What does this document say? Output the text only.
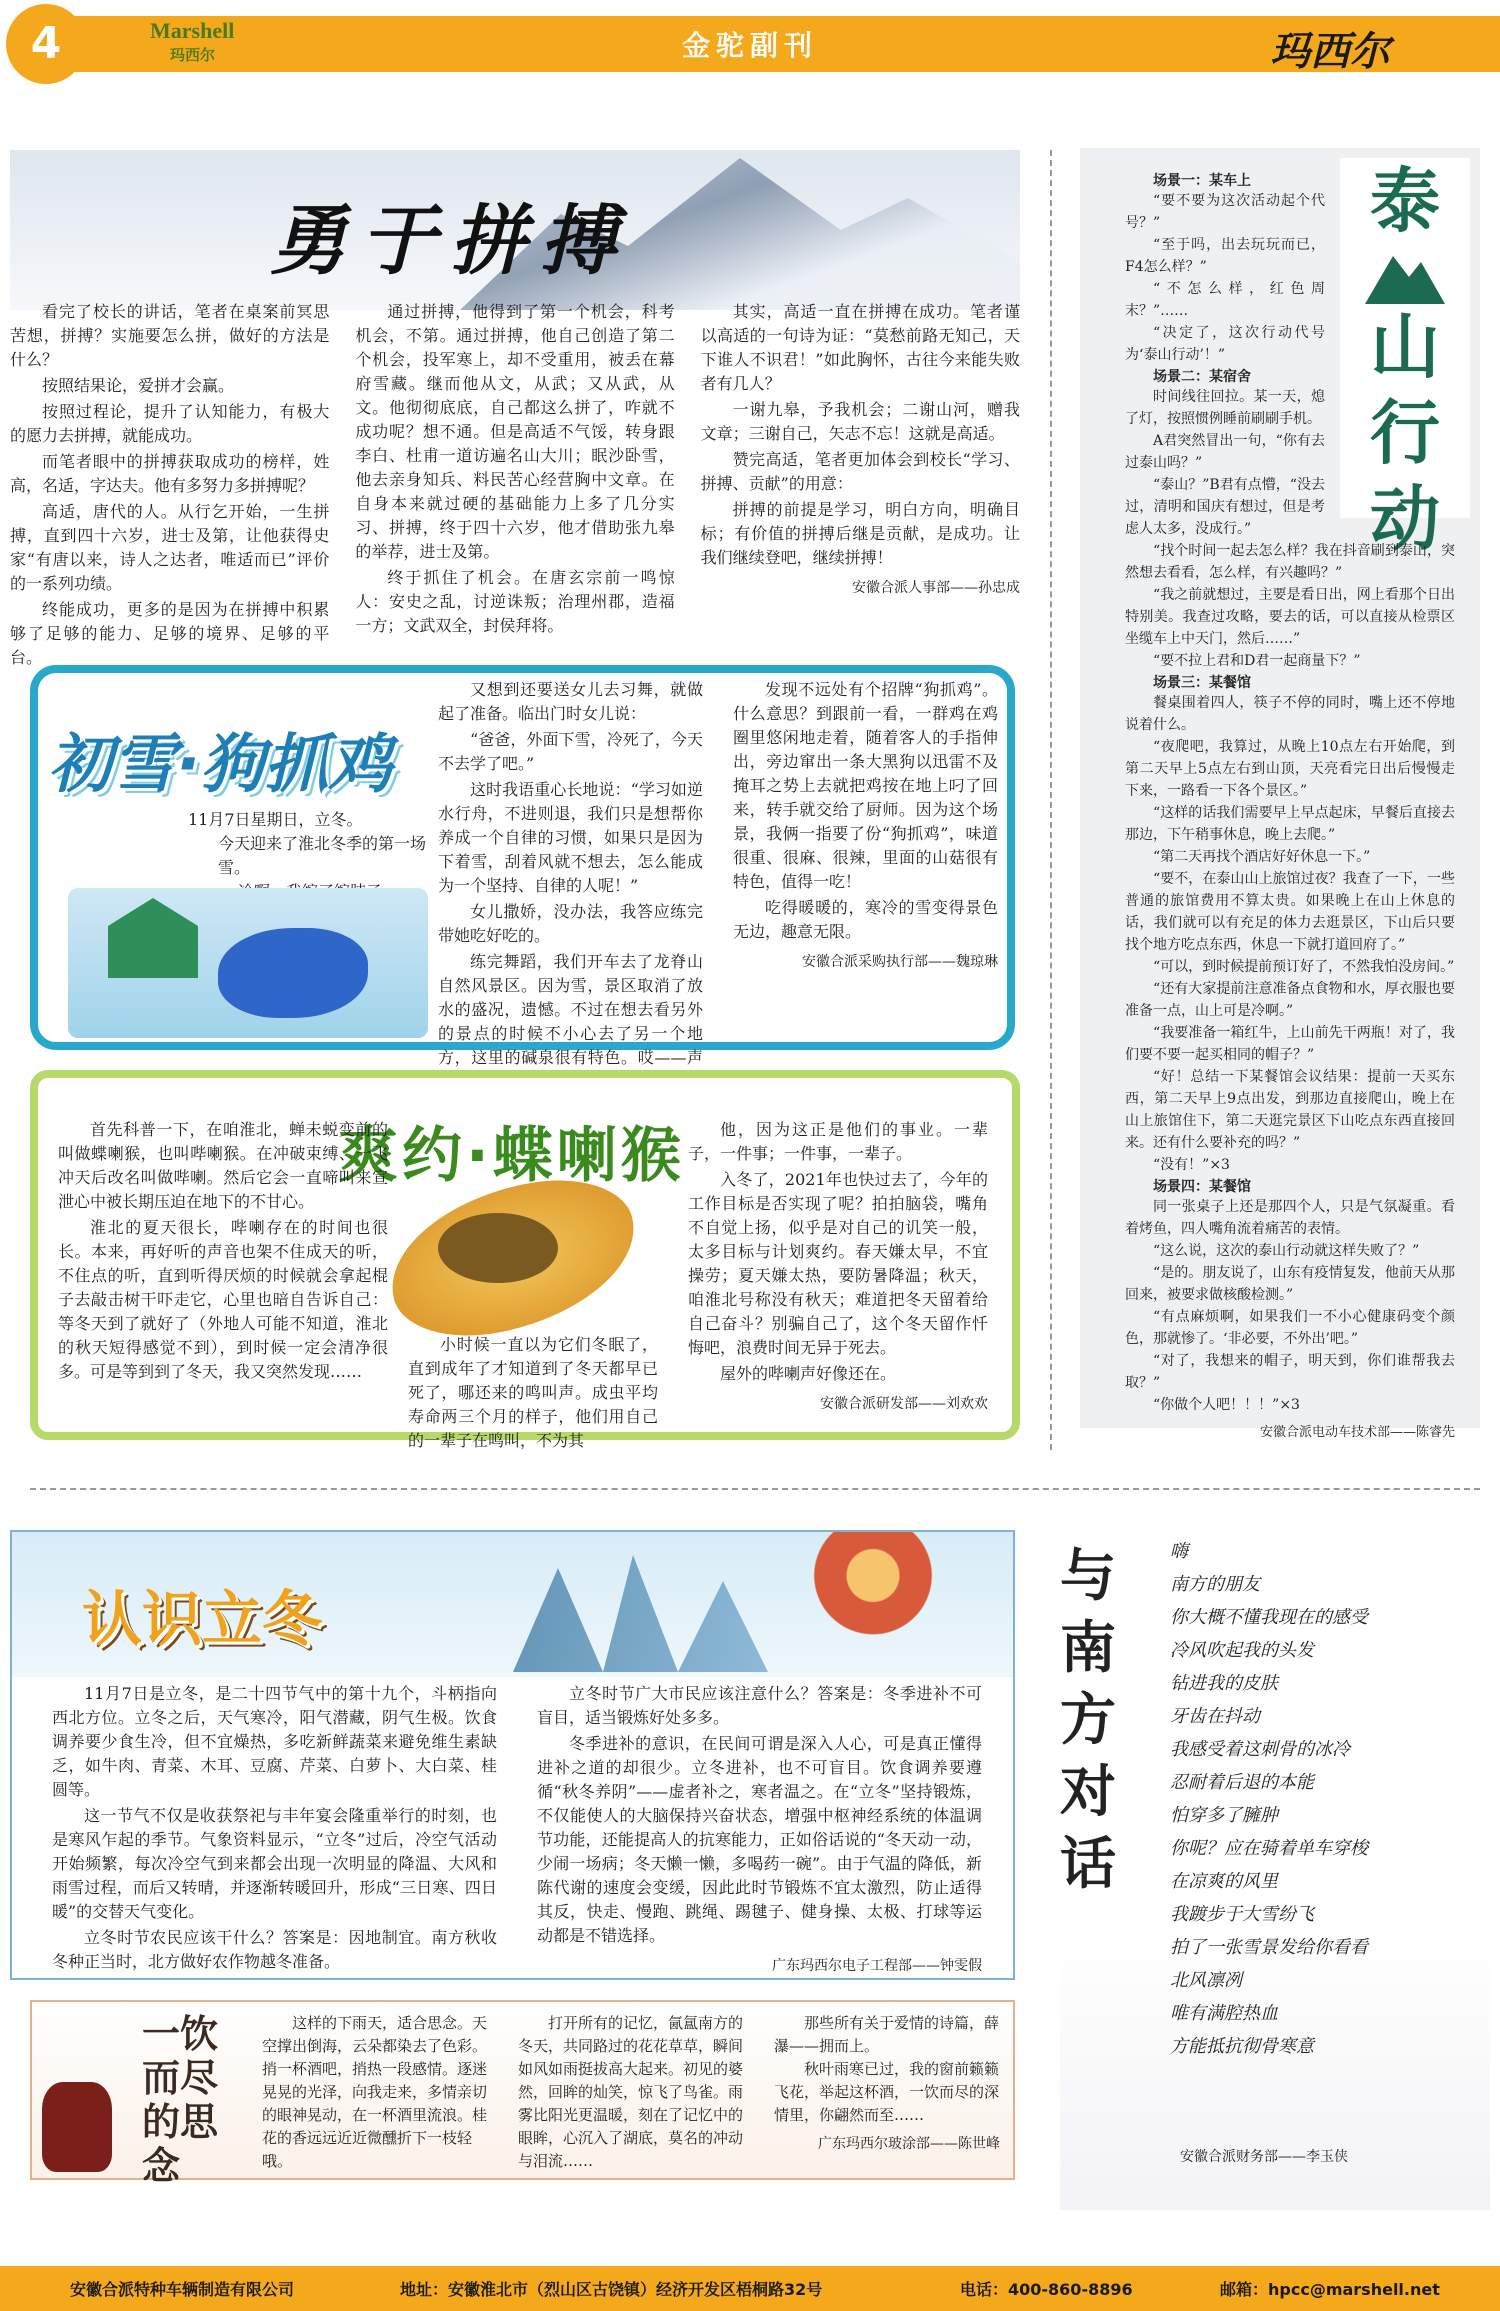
4	Marshell
玛西尔	金驼副刊	玛西尔
勇于拼搏

看完了校长的讲话，笔者在桌案前冥思苦想，拼搏？实施要怎么拼，做好的方法是什么？

按照结果论，爱拼才会赢。

按照过程论，提升了认知能力，有极大的愿力去拼搏，就能成功。

而笔者眼中的拼搏获取成功的榜样，姓高，名适，字达夫。他有多努力多拼搏呢？

高适，唐代的人。从行乞开始，一生拼搏，直到四十六岁，进士及第，让他获得史家“有唐以来，诗人之达者，唯适而已”评价的一系列功绩。

终能成功，更多的是因为在拼搏中积累够了足够的能力、足够的境界、足够的平台。

通过拼搏，他得到了第一个机会，科考机会，不第。通过拼搏，他自己创造了第二个机会，投军寒上，却不受重用，被丢在幕府雪藏。继而他从文，从武；又从武，从文。他彻彻底底，自己都这么拼了，咋就不成功呢？想不通。但是高适不气馁，转身跟李白、杜甫一道访遍名山大川；眠沙卧雪，他去亲身知兵、料民苦心经营胸中文章。在自身本来就过硬的基础能力上多了几分实习、拼搏，终于四十六岁，他才借助张九皋的举荐，进士及第。

终于抓住了机会。在唐玄宗前一鸣惊人：安史之乱，讨逆诛叛；治理州郡，造福一方；文武双全，封侯拜将。

其实，高适一直在拼搏在成功。笔者谨以高适的一句诗为证：“莫愁前路无知己，天下谁人不识君！”如此胸怀，古往今来能失败者有几人？

一谢九皋，予我机会；二谢山河，赠我文章；三谢自己，矢志不忘！这就是高适。

赞完高适，笔者更加体会到校长“学习、拼搏、贡献”的用意：

拼搏的前提是学习，明白方向，明确目标；有价值的拼搏后继是贡献，是成功。让我们继续登吧，继续拼搏！

安徽合派人事部——孙忠成
初雪·狗抓鸡
11月7日星期日，立冬。
今天迎来了淮北冬季的第一场雪。

又想到还要送女儿去习舞，就做起了准备。临出门时女儿说：

“爸爸，外面下雪，冷死了，今天不去学了吧。”

这时我语重心长地说：“学习如逆水行舟，不进则退，我们只是想帮你养成一个自律的习惯，如果只是因为下着雪，刮着风就不想去，怎么能成为一个坚持、自律的人呢！”

女儿撒娇，没办法，我答应练完带她吃好吃的。

练完舞蹈，我们开车去了龙脊山自然风景区。因为雪，景区取消了放水的盛况，遗憾。不过在想去看另外的景点的时候不小心去了另一个地方，这里的碱泉很有特色。哎——声

发现不远处有个招牌“狗抓鸡”。什么意思？到跟前一看，一群鸡在鸡圈里悠闲地走着，随着客人的手指伸出，旁边窜出一条大黑狗以迅雷不及掩耳之势上去就把鸡按在地上叼了回来，转手就交给了厨师。因为这个场景，我俩一指要了份“狗抓鸡”，味道很重、很麻、很辣，里面的山菇很有特色，值得一吃！

吃得暖暖的，寒冷的雪变得景色无边，趣意无限。

安徽合派采购执行部——魏琼琳
爽约·蝶喇猴

首先科普一下，在咱淮北，蝉未蜕变前的叫做蝶喇猴，也叫哔喇猴。在冲破束缚、一飞冲天后改名叫做哔喇。然后它会一直啼叫来宣泄心中被长期压迫在地下的不甘心。

淮北的夏天很长，哔喇存在的时间也很长。本来，再好听的声音也架不住成天的听，不住点的听，直到听得厌烦的时候就会拿起棍子去敲击树干吓走它，心里也暗自告诉自己：等冬天到了就好了（外地人可能不知道，淮北的秋天短得感觉不到），到时候一定会清净很多。可是等到到了冬天，我又突然发现……

小时候一直以为它们冬眠了，直到成年了才知道到了冬天都早已死了，哪还来的鸣叫声。成虫平均寿命两三个月的样子，他们用自己的一辈子在鸣叫，不为其

他，因为这正是他们的事业。一辈子，一件事；一件事，一辈子。

入冬了，2021年也快过去了，今年的工作目标是否实现了呢？拍拍脑袋，嘴角不自觉上扬，似乎是对自己的讥笑一般，太多目标与计划爽约。春天嫌太早，不宜操劳；夏天嫌太热，要防暑降温；秋天，咱淮北号称没有秋天；难道把冬天留着给自己奋斗？别骗自己了，这个冬天留作忏悔吧，浪费时间无异于死去。

屋外的哔喇声好像还在。

安徽合派研发部——刘欢欢
泰
山
行
动
场景一：某车上

“要不要为这次活动起个代号？”

“至于吗，出去玩玩而已，F4怎么样？”

“不怎么样，红色周末？”……

“决定了，这次行动代号为‘泰山行动’！”

场景二：某宿舍

时间线往回拉。某一天，熄了灯，按照惯例睡前刷刷手机。

A君突然冒出一句，“你有去过泰山吗？”

“泰山？”B君有点懵，“没去过，清明和国庆有想过，但是考虑人太多，没成行。”

“找个时间一起去怎么样？我在抖音刷到泰山，突然想去看看，怎么样，有兴趣吗？”

“我之前就想过，主要是看日出，网上看那个日出特别美。我查过攻略，要去的话，可以直接从检票区坐缆车上中天门，然后……”

“要不拉上君和D君一起商量下？”

场景三：某餐馆

餐桌围着四人，筷子不停的同时，嘴上还不停地说着什么。

“夜爬吧，我算过，从晚上10点左右开始爬，到第二天早上5点左右到山顶，天亮看完日出后慢慢走下来，一路看一下各个景区。”

“这样的话我们需要早上早点起床，早餐后直接去那边，下午稍事休息，晚上去爬。”

“第二天再找个酒店好好休息一下。”

“要不，在泰山山上旅馆过夜？我查了一下，一些普通的旅馆费用不算太贵。如果晚上在山上休息的话，我们就可以有充足的体力去逛景区，下山后只要找个地方吃点东西，休息一下就打道回府了。”

“可以，到时候提前预订好了，不然我怕没房间。”

“还有大家提前注意准备点食物和水，厚衣服也要准备一点，山上可是冷啊。”

“我要准备一箱红牛，上山前先干两瓶！对了，我们要不要一起买相同的帽子？”

“好！总结一下某餐馆会议结果：提前一天买东西，第二天早上9点出发，到那边直接爬山，晚上在山上旅馆住下，第二天逛完景区下山吃点东西直接回来。还有什么要补充的吗？”

“没有！”×3

场景四：某餐馆

同一张桌子上还是那四个人，只是气氛凝重。看着烤鱼，四人嘴角流着痛苦的表情。

“这么说，这次的泰山行动就这样失败了？”

“是的。朋友说了，山东有疫情复发，他前天从那回来，被要求做核酸检测。”

“有点麻烦啊，如果我们一不小心健康码变个颜色，那就惨了。‘非必要，不外出’吧。”

“对了，我想来的帽子，明天到，你们谁帮我去取？”

“你做个人吧！！！”×3

安徽合派电动车技术部——陈睿先
认识立冬

11月7日是立冬，是二十四节气中的第十九个，斗柄指向西北方位。立冬之后，天气寒冷，阳气潜藏，阴气生极。饮食调养要少食生冷，但不宜燥热，多吃新鲜蔬菜来避免维生素缺乏，如牛肉、青菜、木耳、豆腐、芹菜、白萝卜、大白菜、桂圆等。

这一节气不仅是收获祭祀与丰年宴会隆重举行的时刻，也是寒风乍起的季节。气象资料显示，“立冬”过后，冷空气活动开始频繁，每次冷空气到来都会出现一次明显的降温、大风和雨雪过程，而后又转晴，并逐渐转暖回升，形成“三日寒、四日暖”的交替天气变化。

立冬时节农民应该干什么？答案是：因地制宜。南方秋收冬种正当时，北方做好农作物越冬准备。

立冬时节广大市民应该注意什么？答案是：冬季进补不可盲目，适当锻炼好处多多。

冬季进补的意识，在民间可谓是深入人心，可是真正懂得进补之道的却很少。立冬进补，也不可盲目。饮食调养要遵循“秋冬养阴”——虚者补之，寒者温之。在“立冬”坚持锻炼，不仅能使人的大脑保持兴奋状态，增强中枢神经系统的体温调节功能，还能提高人的抗寒能力，正如俗话说的“冬天动一动，少闹一场病；冬天懒一懒，多喝药一碗”。由于气温的降低，新陈代谢的速度会变缓，因此此时节锻炼不宜太激烈，防止适得其反，快走、慢跑、跳绳、踢毽子、健身操、太极、打球等运动都是不错选择。

广东玛西尔电子工程部——钟雯假
一饮而尽的思念

这样的下雨天，适合思念。天空撑出倒海，云朵都染去了色彩。捎一杯酒吧，捎热一段感情。逐迷晃晃的光泽，向我走来，多情亲切的眼神晃动，在一杯酒里流浪。桂花的香远远近近微醺折下一枝轻哦。

打开所有的记忆，氤氲南方的冬天，共同路过的花花草草，瞬间如风如雨挺拔高大起来。初见的婆然，回眸的灿笑，惊飞了鸟雀。雨雾比阳光更温暖，刻在了记忆中的眼眸，心沉入了湖底，莫名的冲动与泪流……

那些所有关于爱情的诗篇，薛瀑——拥而上。

秋叶雨寒已过，我的窗前籁籁飞花，举起这杯酒，一饮而尽的深情里，你翩然而至……

广东玛西尔玻涂部——陈世峰
与
南
方
对
话
嗨
南方的朋友
你大概不懂我现在的感受
冷风吹起我的头发
钻进我的皮肤
牙齿在抖动
我感受着这刺骨的冰冷
忍耐着后退的本能
怕穿多了臃肿
你呢？应在骑着单车穿梭
在凉爽的风里
我踱步于大雪纷飞
拍了一张雪景发给你看看
北风凛冽
唯有满腔热血
方能抵抗彻骨寒意
安徽合派财务部——李玉侠
安徽合派特种车辆制造有限公司	地址：安徽淮北市（烈山区古饶镇）经济开发区梧桐路32号	电话：400-860-8896	邮箱：hpcc@marshell.net
